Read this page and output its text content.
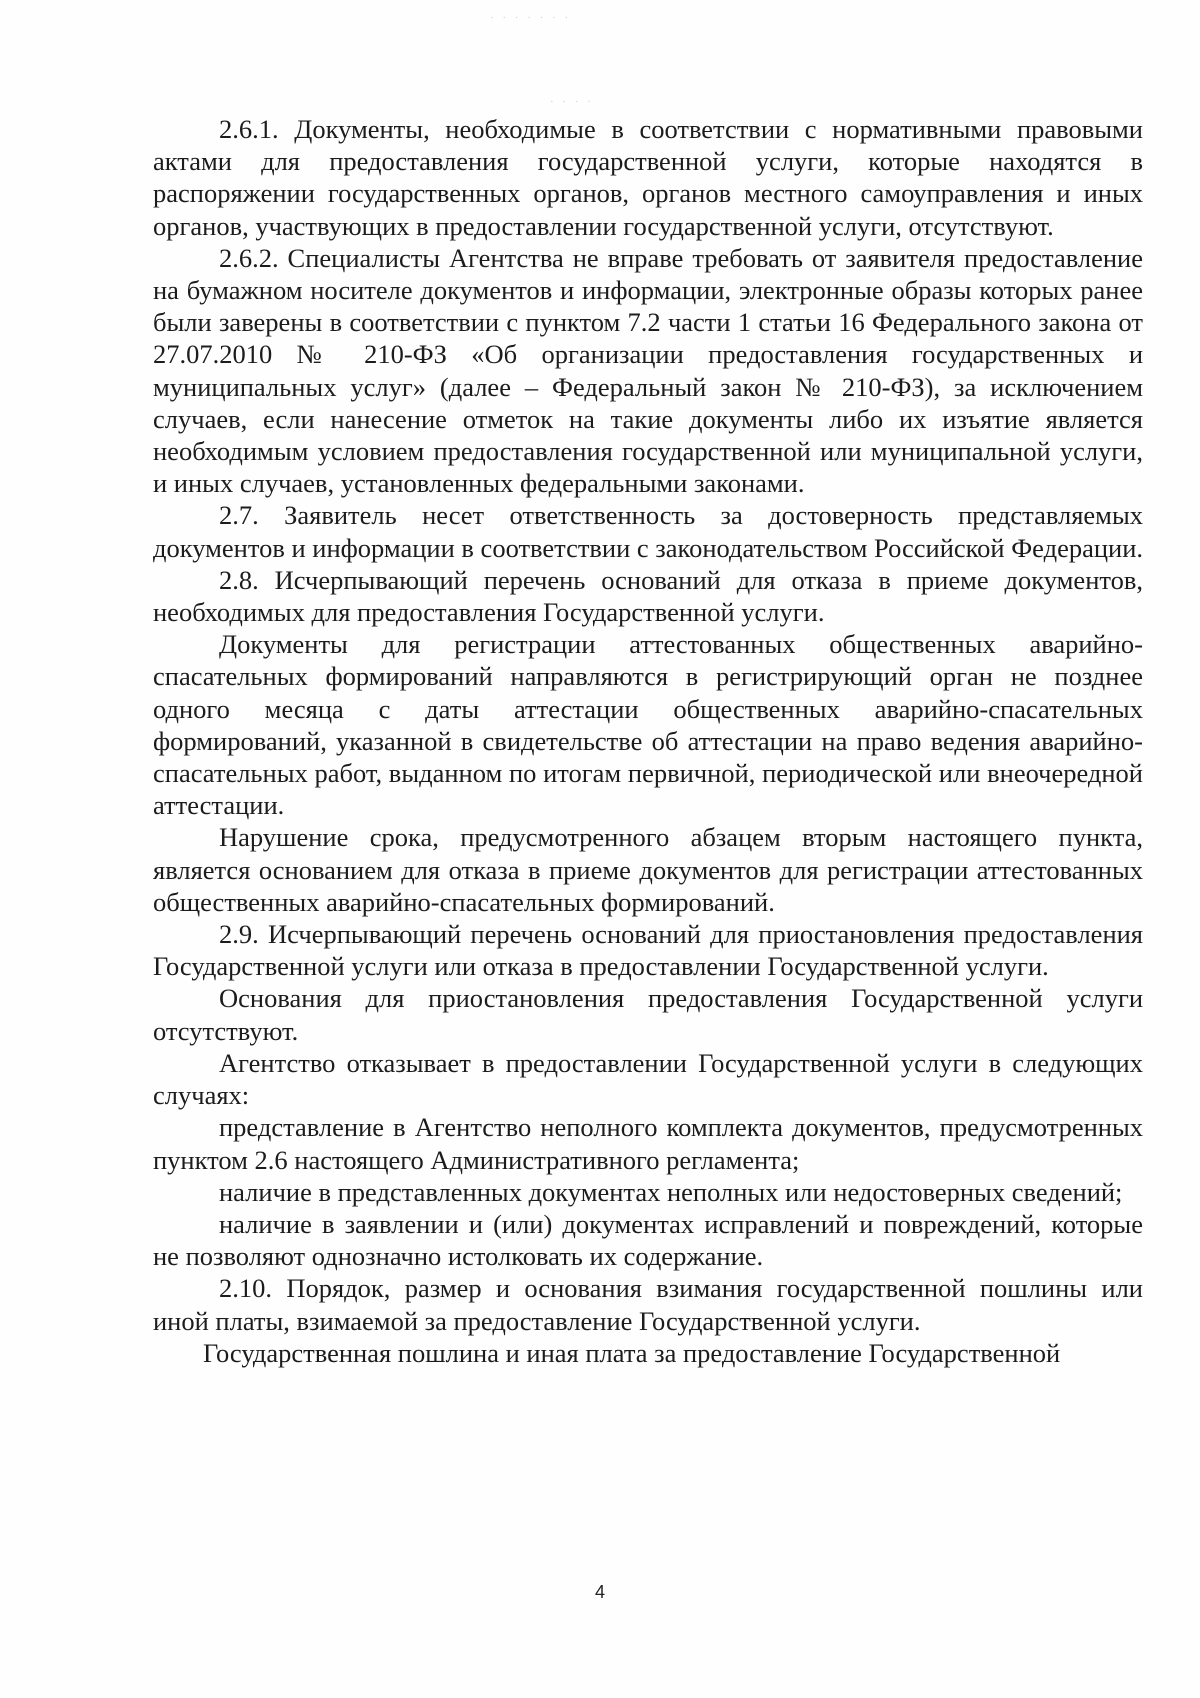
· · · · · · ·
· · · ·

2.6.1. Документы, необходимые в соответствии с нормативными правовыми актами для предоставления государственной услуги, которые находятся в распоряжении государственных органов, органов местного самоуправления и иных органов, участвующих в предоставлении государственной услуги, отсутствуют.

2.6.2. Специалисты Агентства не вправе требовать от заявителя предоставление на бумажном носителе документов и информации, электронные образы которых ранее были заверены в соответствии с пунктом 7.2 части 1 статьи 16 Федерального закона от 27.07.2010 № 210-ФЗ «Об организации предоставления государственных и муниципальных услуг» (далее – Федеральный закон № 210-ФЗ), за исключением случаев, если нанесение отметок на такие документы либо их изъятие является необходимым условием предоставления государственной или муниципальной услуги, и иных случаев, установленных федеральными законами.

2.7. Заявитель несет ответственность за достоверность представляемых документов и информации в соответствии с законодательством Российской Федерации.

2.8. Исчерпывающий перечень оснований для отказа в приеме документов, необходимых для предоставления Государственной услуги.

Документы для регистрации аттестованных общественных аварийно-спасательных формирований направляются в регистрирующий орган не позднее одного месяца с даты аттестации общественных аварийно-спасательных формирований, указанной в свидетельстве об аттестации на право ведения аварийно-спасательных работ, выданном по итогам первичной, периодической или внеочередной аттестации.

Нарушение срока, предусмотренного абзацем вторым настоящего пункта, является основанием для отказа в приеме документов для регистрации аттестованных общественных аварийно-спасательных формирований.

2.9. Исчерпывающий перечень оснований для приостановления предоставления Государственной услуги или отказа в предоставлении Государственной услуги.

Основания для приостановления предоставления Государственной услуги отсутствуют.

Агентство отказывает в предоставлении Государственной услуги в следующих случаях:

представление в Агентство неполного комплекта документов, предусмотренных пунктом 2.6 настоящего Административного регламента;

наличие в представленных документах неполных или недостоверных сведений;

наличие в заявлении и (или) документах исправлений и повреждений, которые не позволяют однозначно истолковать их содержание.

2.10. Порядок, размер и основания взимания государственной пошлины или иной платы, взимаемой за предоставление Государственной услуги.

Государственная пошлина и иная плата за предоставление Государственной

4
